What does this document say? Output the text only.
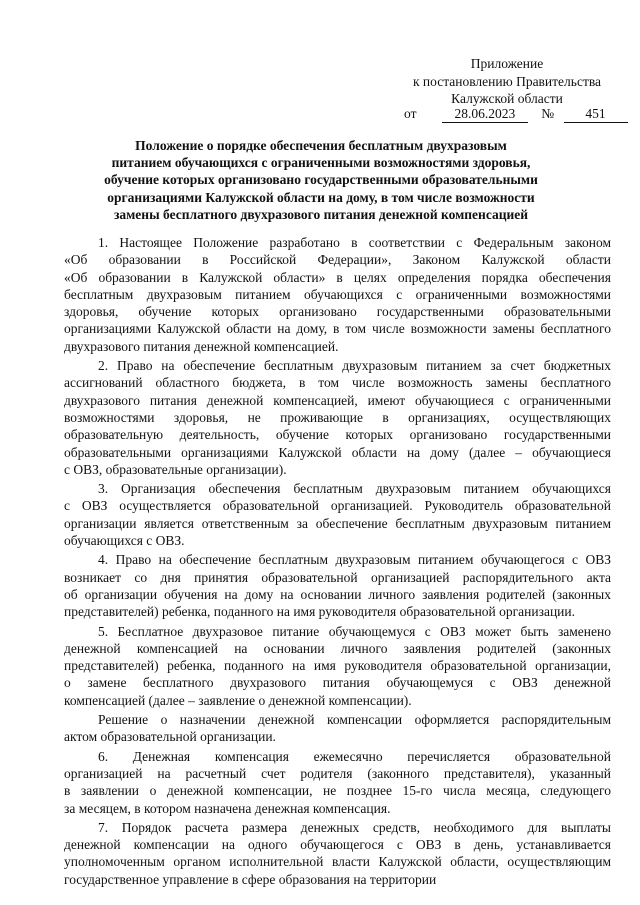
Приложение
к постановлению Правительства
Калужской области
от	28.06.2023 № 451
Положение о порядке обеспечения бесплатным двухразовым
питанием обучающихся с ограниченными возможностями здоровья,
обучение которых организовано государственными образовательными
организациями Калужской области на дому, в том числе возможности
замены бесплатного двухразового питания денежной компенсацией
1. Настоящее Положение разработано в соответствии с Федеральным законом
«Об образовании в Российской Федерации», Законом Калужской области
«Об образовании в Калужской области» в целях определения порядка обеспечения
бесплатным двухразовым питанием обучающихся с ограниченными возможностями
здоровья, обучение которых организовано государственными образовательными
организациями Калужской области на дому, в том числе возможности замены бесплатного
двухразового питания денежной компенсацией.
2. Право на обеспечение бесплатным двухразовым питанием за счет бюджетных
ассигнований областного бюджета, в том числе возможность замены бесплатного
двухразового питания денежной компенсацией, имеют обучающиеся с ограниченными
возможностями здоровья, не проживающие в организациях, осуществляющих
образовательную деятельность, обучение которых организовано государственными
образовательными организациями Калужской области на дому (далее – обучающиеся
с ОВЗ, образовательные организации).
3. Организация обеспечения бесплатным двухразовым питанием обучающихся
с ОВЗ осуществляется образовательной организацией. Руководитель образовательной
организации является ответственным за обеспечение бесплатным двухразовым питанием
обучающихся с ОВЗ.
4. Право на обеспечение бесплатным двухразовым питанием обучающегося с ОВЗ
возникает со дня принятия образовательной организацией распорядительного акта
об организации обучения на дому на основании личного заявления родителей (законных
представителей) ребенка, поданного на имя руководителя образовательной организации.
5. Бесплатное двухразовое питание обучающемуся с ОВЗ может быть заменено
денежной компенсацией на основании личного заявления родителей (законных
представителей) ребенка, поданного на имя руководителя образовательной организации,
о замене бесплатного двухразового питания обучающемуся с ОВЗ денежной
компенсацией (далее – заявление о денежной компенсации).
Решение о назначении денежной компенсации оформляется распорядительным
актом образовательной организации.
6. Денежная компенсация ежемесячно перечисляется образовательной
организацией на расчетный счет родителя (законного представителя), указанный
в заявлении о денежной компенсации, не позднее 15-го числа месяца, следующего
за месяцем, в котором назначена денежная компенсация.
7. Порядок расчета размера денежных средств, необходимого для выплаты
денежной компенсации на одного обучающегося с ОВЗ в день, устанавливается
уполномоченным органом исполнительной власти Калужской области, осуществляющим
государственное управление в сфере образования на территории
